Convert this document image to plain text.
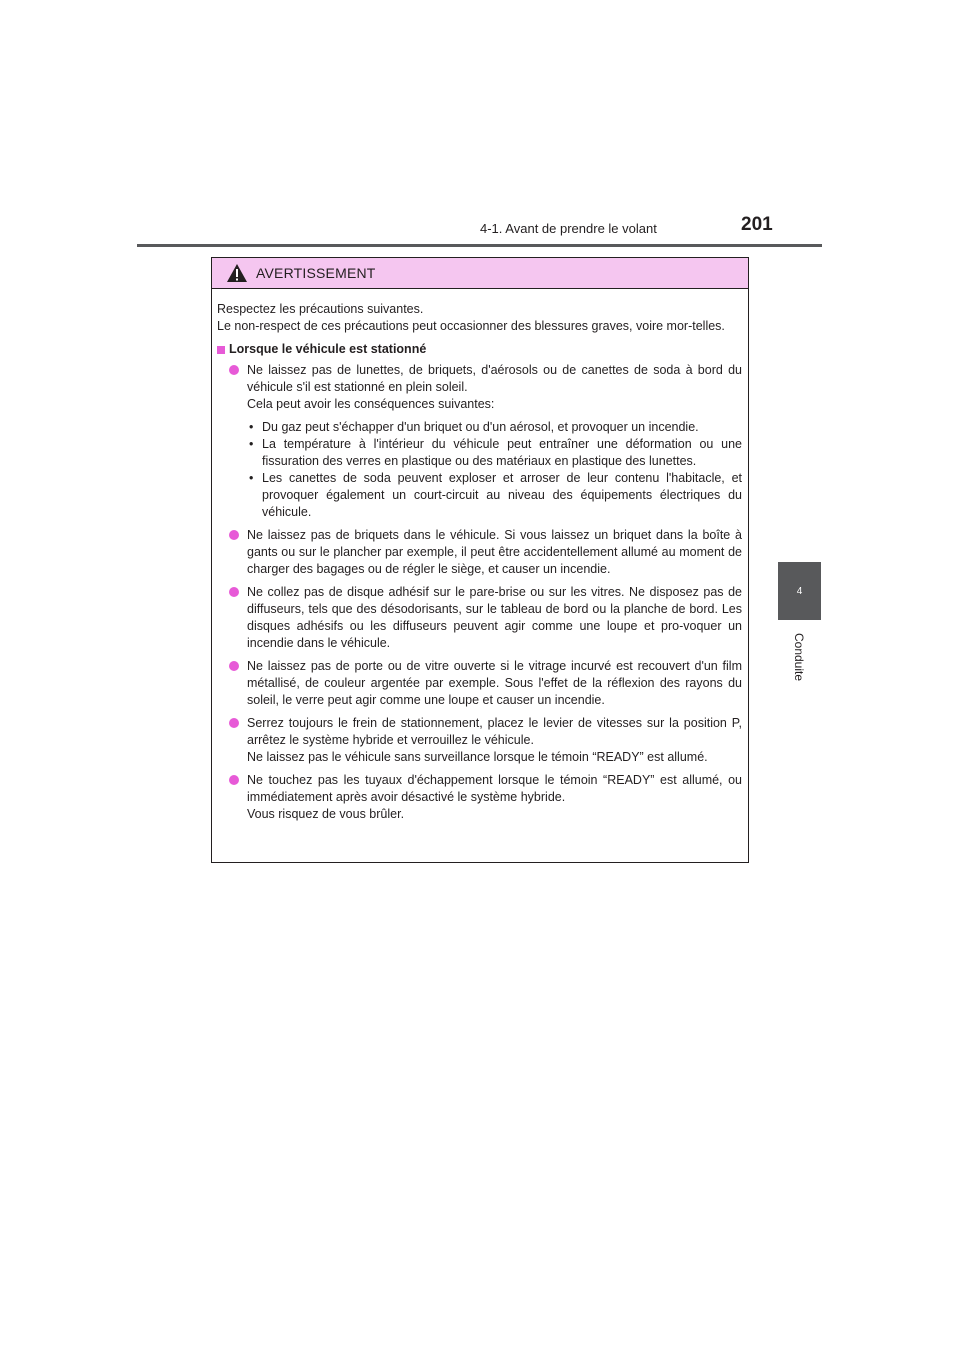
4-1. Avant de prendre le volant	201
4
Conduite
AVERTISSEMENT

Respectez les précautions suivantes.

Le non-respect de ces précautions peut occasionner des blessures graves, voire mor-telles.

Lorsque le véhicule est stationné

Ne laissez pas de lunettes, de briquets, d'aérosols ou de canettes de soda à bord du véhicule s'il est stationné en plein soleil.

Cela peut avoir les conséquences suivantes:

• Du gaz peut s'échapper d'un briquet ou d'un aérosol, et provoquer un incendie.
• La température à l'intérieur du véhicule peut entraîner une déformation ou une fissuration des verres en plastique ou des matériaux en plastique des lunettes.
• Les canettes de soda peuvent exploser et arroser de leur contenu l'habitacle, et provoquer également un court-circuit au niveau des équipements électriques du véhicule.

Ne laissez pas de briquets dans le véhicule. Si vous laissez un briquet dans la boîte à gants ou sur le plancher par exemple, il peut être accidentellement allumé au moment de charger des bagages ou de régler le siège, et causer un incendie.

Ne collez pas de disque adhésif sur le pare-brise ou sur les vitres. Ne disposez pas de diffuseurs, tels que des désodorisants, sur le tableau de bord ou la planche de bord. Les disques adhésifs ou les diffuseurs peuvent agir comme une loupe et pro-voquer un incendie dans le véhicule.

Ne laissez pas de porte ou de vitre ouverte si le vitrage incurvé est recouvert d'un film métallisé, de couleur argentée par exemple. Sous l'effet de la réflexion des rayons du soleil, le verre peut agir comme une loupe et causer un incendie.

Serrez toujours le frein de stationnement, placez le levier de vitesses sur la position P, arrêtez le système hybride et verrouillez le véhicule.

Ne laissez pas le véhicule sans surveillance lorsque le témoin “READY” est allumé.

Ne touchez pas les tuyaux d'échappement lorsque le témoin “READY” est allumé, ou immédiatement après avoir désactivé le système hybride.

Vous risquez de vous brûler.
